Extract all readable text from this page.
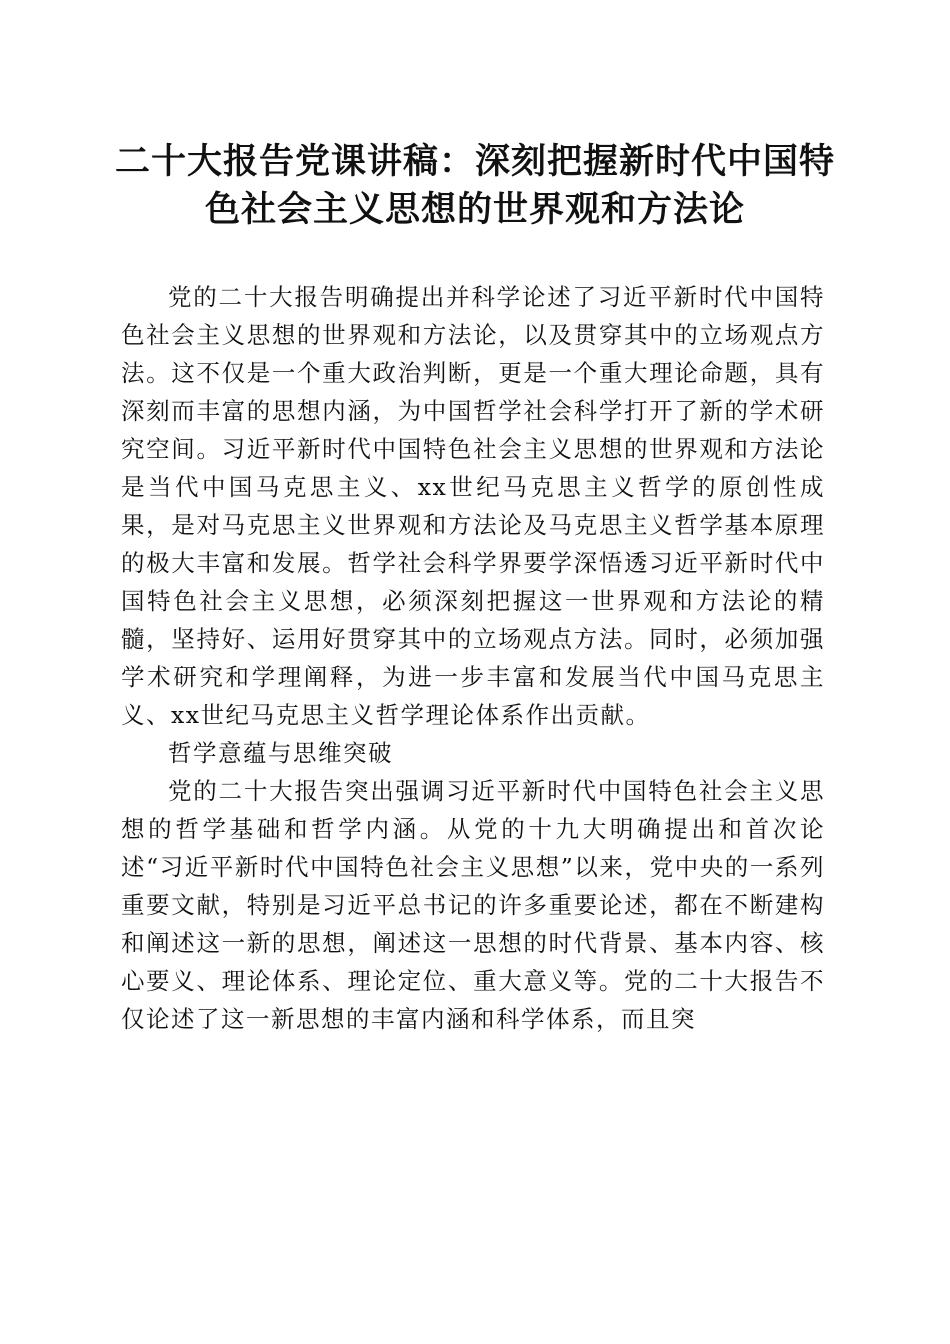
二十大报告党课讲稿：深刻把握新时代中国特色社会主义思想的世界观和方法论

党的二十大报告明确提出并科学论述了习近平新时代中国特色社会主义思想的世界观和方法论，以及贯穿其中的立场观点方法。这不仅是一个重大政治判断，更是一个重大理论命题，具有深刻而丰富的思想内涵，为中国哲学社会科学打开了新的学术研究空间。习近平新时代中国特色社会主义思想的世界观和方法论是当代中国马克思主义、xx世纪马克思主义哲学的原创性成果，是对马克思主义世界观和方法论及马克思主义哲学基本原理的极大丰富和发展。哲学社会科学界要学深悟透习近平新时代中国特色社会主义思想，必须深刻把握这一世界观和方法论的精髓，坚持好、运用好贯穿其中的立场观点方法。同时，必须加强学术研究和学理阐释，为进一步丰富和发展当代中国马克思主义、xx世纪马克思主义哲学理论体系作出贡献。

哲学意蕴与思维突破

党的二十大报告突出强调习近平新时代中国特色社会主义思想的哲学基础和哲学内涵。从党的十九大明确提出和首次论述“习近平新时代中国特色社会主义思想”以来，党中央的一系列重要文献，特别是习近平总书记的许多重要论述，都在不断建构和阐述这一新的思想，阐述这一思想的时代背景、基本内容、核心要义、理论体系、理论定位、重大意义等。党的二十大报告不仅论述了这一新思想的丰富内涵和科学体系，而且突
